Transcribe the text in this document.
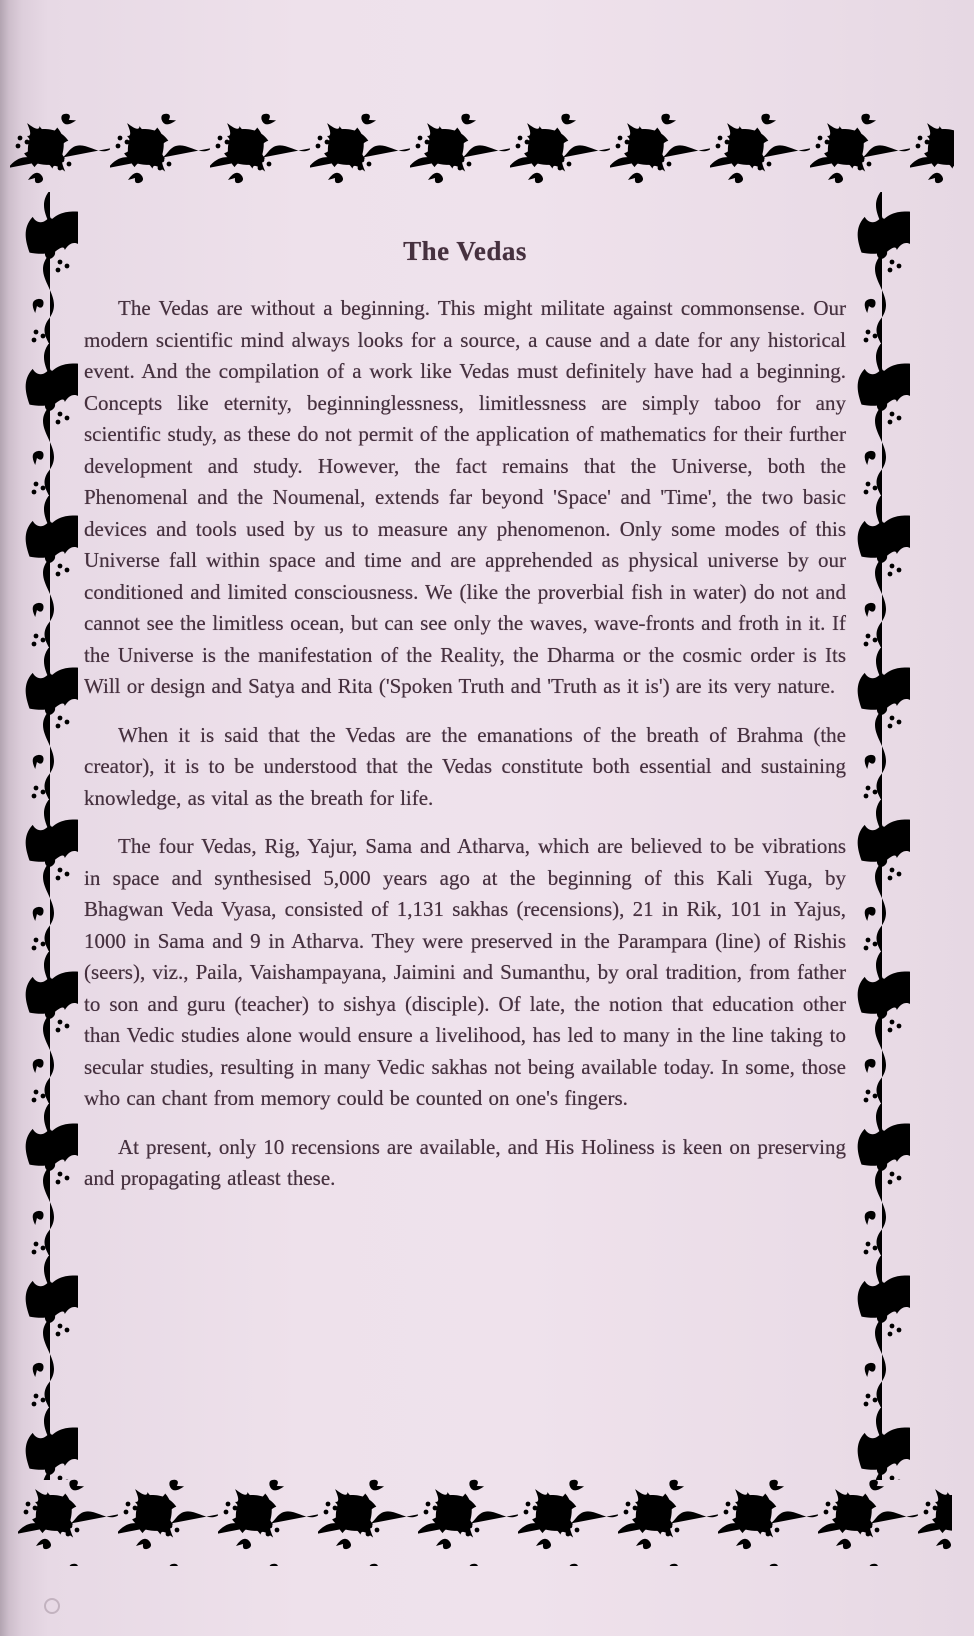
The Vedas

The Vedas are without a beginning. This might militate against commonsense. Our modern scientific mind always looks for a source, a cause and a date for any historical event. And the compilation of a work like Vedas must definitely have had a beginning. Concepts like eternity, beginninglessness, limitlessness are simply taboo for any scientific study, as these do not permit of the application of mathematics for their further development and study. However, the fact remains that the Universe, both the Phenomenal and the Noumenal, extends far beyond 'Space' and 'Time', the two basic devices and tools used by us to measure any phenomenon. Only some modes of this Universe fall within space and time and are apprehended as physical universe by our conditioned and limited consciousness. We (like the proverbial fish in water) do not and cannot see the limitless ocean, but can see only the waves, wave-fronts and froth in it. If the Universe is the manifestation of the Reality, the Dharma or the cosmic order is Its Will or design and Satya and Rita ('Spoken Truth and 'Truth as it is') are its very nature.

When it is said that the Vedas are the emanations of the breath of Brahma (the creator), it is to be understood that the Vedas constitute both essential and sustaining knowledge, as vital as the breath for life.

The four Vedas, Rig, Yajur, Sama and Atharva, which are believed to be vibrations in space and synthesised 5,000 years ago at the beginning of this Kali Yuga, by Bhagwan Veda Vyasa, consisted of 1,131 sakhas (recensions), 21 in Rik, 101 in Yajus, 1000 in Sama and 9 in Atharva. They were preserved in the Parampara (line) of Rishis (seers), viz., Paila, Vaishampayana, Jaimini and Sumanthu, by oral tradition, from father to son and guru (teacher) to sishya (disciple). Of late, the notion that education other than Vedic studies alone would ensure a livelihood, has led to many in the line taking to secular studies, resulting in many Vedic sakhas not being available today. In some, those who can chant from memory could be counted on one's fingers.

At present, only 10 recensions are available, and His Holiness is keen on preserving and propagating atleast these.
